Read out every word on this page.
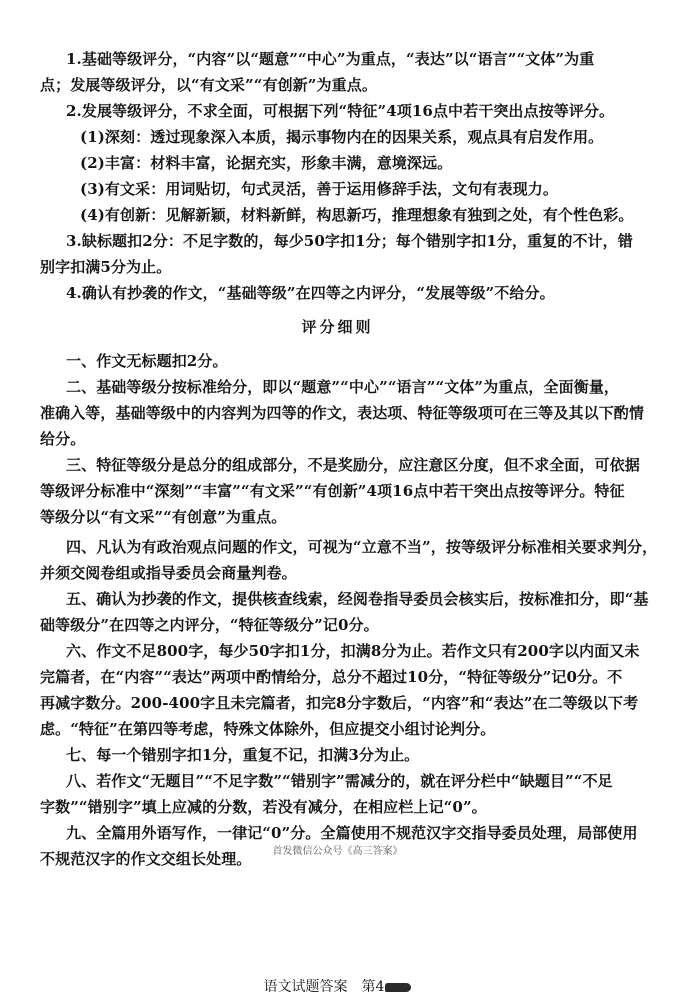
1.基础等级评分，“内容”以“题意”“中心”为重点，“表达”以“语言”“文体”为重
点；发展等级评分，以“有文采”“有创新”为重点。
2.发展等级评分，不求全面，可根据下列“特征”4项16点中若干突出点按等评分。
(1)深刻：透过现象深入本质，揭示事物内在的因果关系，观点具有启发作用。
(2)丰富：材料丰富，论据充实，形象丰满，意境深远。
(3)有文采：用词贴切，句式灵活，善于运用修辞手法，文句有表现力。
(4)有创新：见解新颖，材料新鲜，构思新巧，推理想象有独到之处，有个性色彩。
3.缺标题扣2分：不足字数的，每少50字扣1分；每个错别字扣1分，重复的不计，错
别字扣满5分为止。
4.确认有抄袭的作文，“基础等级”在四等之内评分，“发展等级”不给分。
评分细则
一、作文无标题扣2分。
二、基础等级分按标准给分，即以“题意”“中心”“语言”“文体”为重点，全面衡量，
准确入等，基础等级中的内容判为四等的作文，表达项、特征等级项可在三等及其以下酌情
给分。
三、特征等级分是总分的组成部分，不是奖励分，应注意区分度，但不求全面，可依据
等级评分标准中“深刻”“丰富”“有文采”“有创新”4项16点中若干突出点按等评分。特征
等级分以“有文采”“有创意”为重点。
四、凡认为有政治观点问题的作文，可视为“立意不当”，按等级评分标准相关要求判分，
并须交阅卷组或指导委员会商量判卷。
五、确认为抄袭的作文，提供核查线索，经阅卷指导委员会核实后，按标准扣分，即“基
础等级分”在四等之内评分，“特征等级分”记0分。
六、作文不足800字，每少50字扣1分，扣满8分为止。若作文只有200字以内面又未
完篇者，在“内容”“表达”两项中酌情给分，总分不超过10分，“特征等级分”记0分。不
再减字数分。200-400字且未完篇者，扣完8分字数后，“内容”和“表达”在二等级以下考
虑。“特征”在第四等考虑，特殊文体除外，但应提交小组讨论判分。
七、每一个错别字扣1分，重复不记，扣满3分为止。
八、若作文“无题目”“不足字数”“错别字”需减分的，就在评分栏中“缺题目”“不足
字数”“错别字”填上应减的分数，若没有减分，在相应栏上记“0”。
九、全篇用外语写作，一律记“0”分。全篇使用不规范汉字交指导委员处理，局部使用
不规范汉字的作文交组长处理。	首发微信公众号《高三答案》
语文试题答案　第4
